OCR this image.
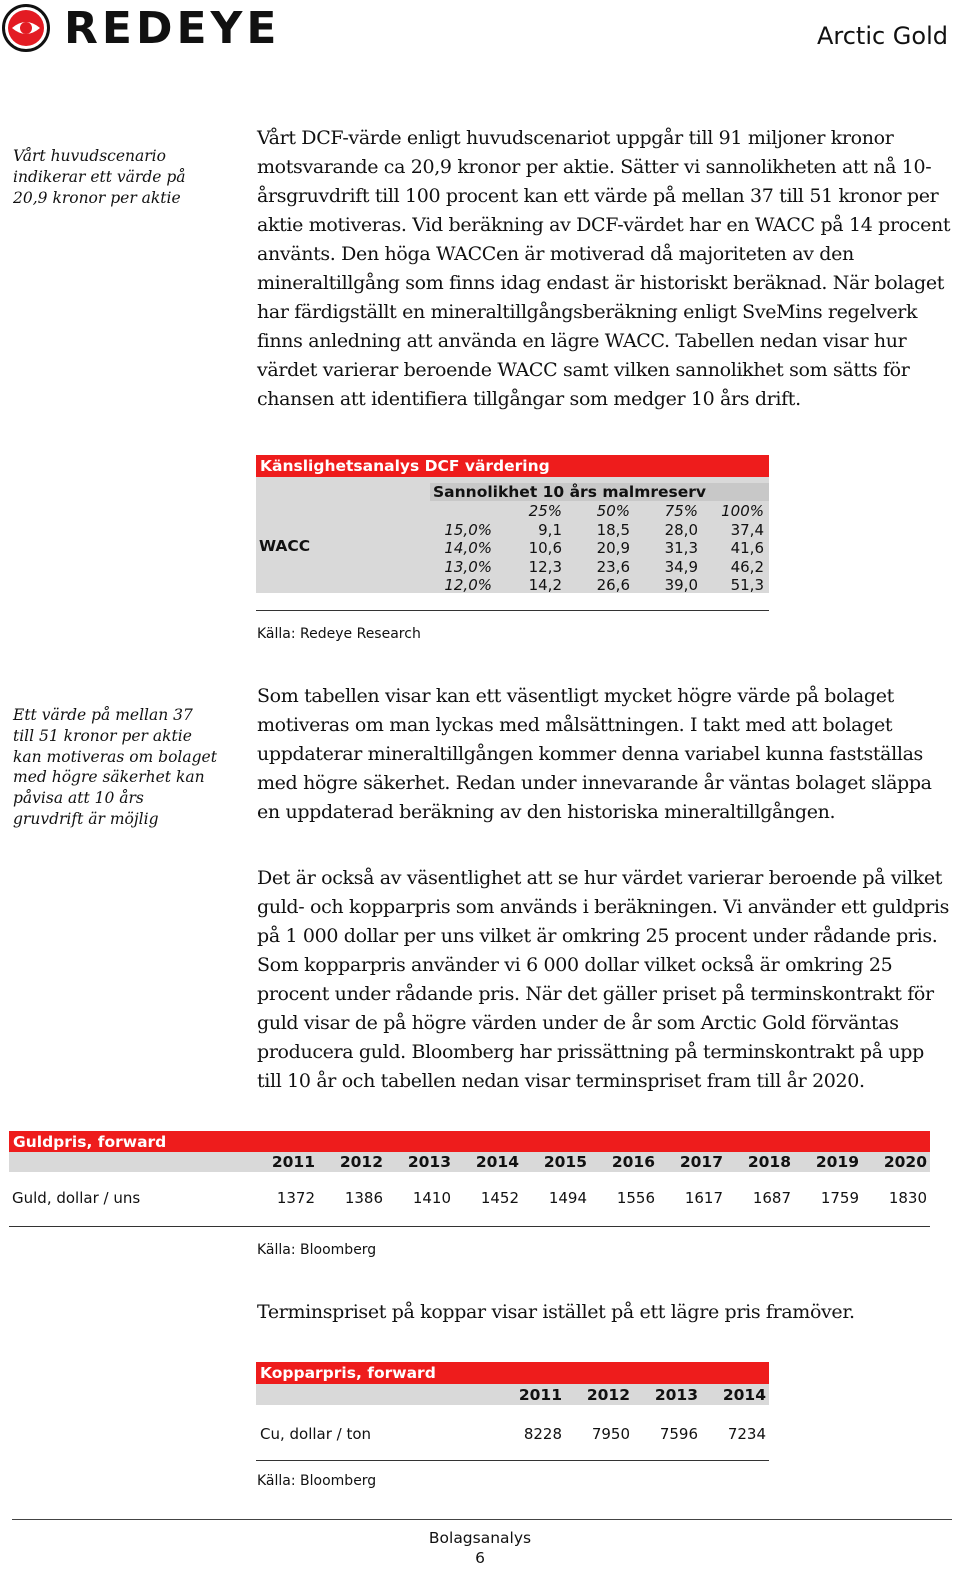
REDEYE	Arctic Gold
Vårt huvudscenario indikerar ett värde på 20,9 kronor per aktie
Vårt DCF-värde enligt huvudscenariot uppgår till 91 miljoner kronor motsvarande ca 20,9 kronor per aktie. Sätter vi sannolikheten att nå 10-årsgruvdrift till 100 procent kan ett värde på mellan 37 till 51 kronor per aktie motiveras. Vid beräkning av DCF-värdet har en WACC på 14 procent använts. Den höga WACCen är motiverad då majoriteten av den mineraltillgång som finns idag endast är historiskt beräknad. När bolaget har färdigställt en mineraltillgångsberäkning enligt SveMins regelverk finns anledning att använda en lägre WACC. Tabellen nedan visar hur värdet varierar beroende WACC samt vilken sannolikhet som sätts för chansen att identifiera tillgångar som medger 10 års drift.
Känslighetsanalys DCF värdering
Sannolikhet 10 års malmreserv
WACC
25%	50%	75%	100%
15,0%	9,1	18,5	28,0	37,4
14,0%	10,6	20,9	31,3	41,6
13,0%	12,3	23,6	34,9	46,2
12,0%	14,2	26,6	39,0	51,3
Källa: Redeye Research
Ett värde på mellan 37 till 51 kronor per aktie kan motiveras om bolaget med högre säkerhet kan påvisa att 10 års gruvdrift är möjlig
Som tabellen visar kan ett väsentligt mycket högre värde på bolaget motiveras om man lyckas med målsättningen. I takt med att bolaget uppdaterar mineraltillgången kommer denna variabel kunna fastställas med högre säkerhet. Redan under innevarande år väntas bolaget släppa en uppdaterad beräkning av den historiska mineraltillgången.
Det är också av väsentlighet att se hur värdet varierar beroende på vilket guld- och kopparpris som används i beräkningen. Vi använder ett guldpris på 1 000 dollar per uns vilket är omkring 25 procent under rådande pris. Som kopparpris använder vi 6 000 dollar vilket också är omkring 25 procent under rådande pris. När det gäller priset på terminskontrakt för guld visar de på högre värden under de år som Arctic Gold förväntas producera guld. Bloomberg har prissättning på terminskontrakt på upp till 10 år och tabellen nedan visar terminspriset fram till år 2020.
Guldpris, forward
2011	2012	2013	2014	2015	2016	2017	2018	2019	2020
Guld, dollar / uns	1372	1386	1410	1452	1494	1556	1617	1687	1759	1830
Källa: Bloomberg
Terminspriset på koppar visar istället på ett lägre pris framöver.
Kopparpris, forward
2011	2012	2013	2014
Cu, dollar / ton	8228	7950	7596	7234
Källa: Bloomberg
Bolagsanalys
6
